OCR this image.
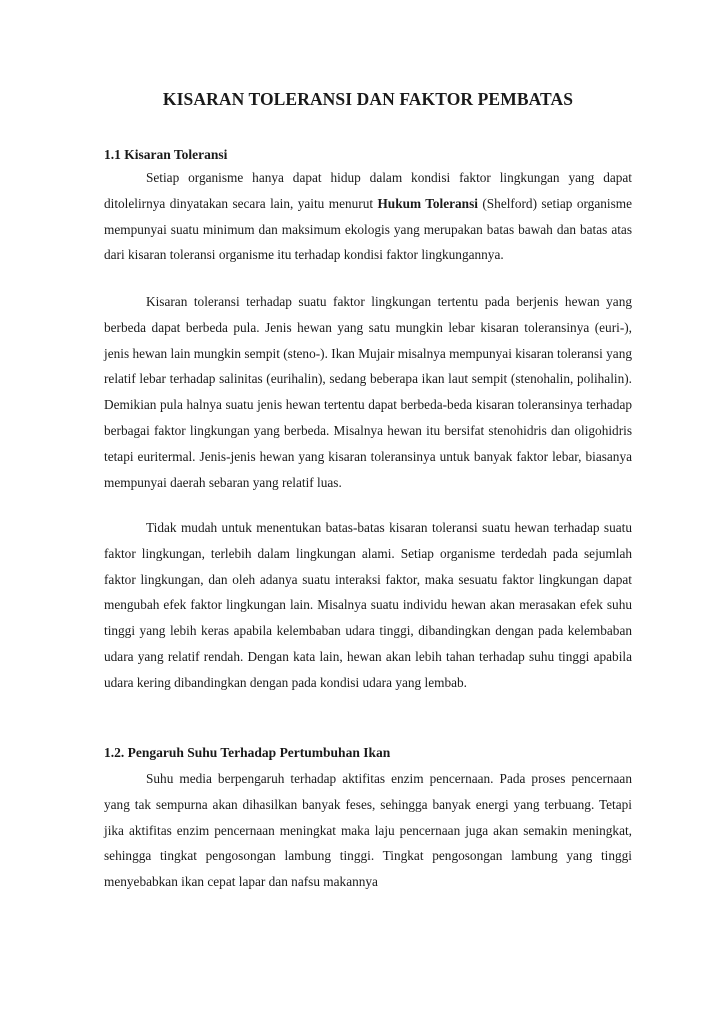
KISARAN TOLERANSI DAN FAKTOR PEMBATAS
1.1 Kisaran Toleransi

Setiap organisme hanya dapat hidup dalam kondisi faktor lingkungan yang dapat ditolelirnya dinyatakan secara lain, yaitu menurut Hukum Toleransi (Shelford) setiap organisme mempunyai suatu minimum dan maksimum ekologis yang merupakan batas bawah dan batas atas dari kisaran toleransi organisme itu terhadap kondisi faktor lingkungannya.

Kisaran toleransi terhadap suatu faktor lingkungan tertentu pada berjenis hewan yang berbeda dapat berbeda pula. Jenis hewan yang satu mungkin lebar kisaran toleransinya (euri-), jenis hewan lain mungkin sempit (steno-). Ikan Mujair misalnya mempunyai kisaran toleransi yang relatif lebar terhadap salinitas (eurihalin), sedang beberapa ikan laut sempit (stenohalin, polihalin). Demikian pula halnya suatu jenis hewan tertentu dapat berbeda-beda kisaran toleransinya terhadap berbagai faktor lingkungan yang berbeda. Misalnya hewan itu bersifat stenohidris dan oligohidris tetapi euritermal. Jenis-jenis hewan yang kisaran toleransinya untuk banyak faktor lebar, biasanya mempunyai daerah sebaran yang relatif luas.

Tidak mudah untuk menentukan batas-batas kisaran toleransi suatu hewan terhadap suatu faktor lingkungan, terlebih dalam lingkungan alami. Setiap organisme terdedah pada sejumlah faktor lingkungan, dan oleh adanya suatu interaksi faktor, maka sesuatu faktor lingkungan dapat mengubah efek faktor lingkungan lain. Misalnya suatu individu hewan akan merasakan efek suhu tinggi yang lebih keras apabila kelembaban udara tinggi, dibandingkan dengan pada kelembaban udara yang relatif rendah. Dengan kata lain, hewan akan lebih tahan terhadap suhu tinggi apabila udara kering dibandingkan dengan pada kondisi udara yang lembab.

1.2. Pengaruh Suhu Terhadap Pertumbuhan Ikan

Suhu media berpengaruh terhadap aktifitas enzim pencernaan. Pada proses pencernaan yang tak sempurna akan dihasilkan banyak feses, sehingga banyak energi yang terbuang. Tetapi jika aktifitas enzim pencernaan meningkat maka laju pencernaan juga akan semakin meningkat, sehingga tingkat pengosongan lambung tinggi. Tingkat pengosongan lambung yang tinggi menyebabkan ikan cepat lapar dan nafsu makannya
